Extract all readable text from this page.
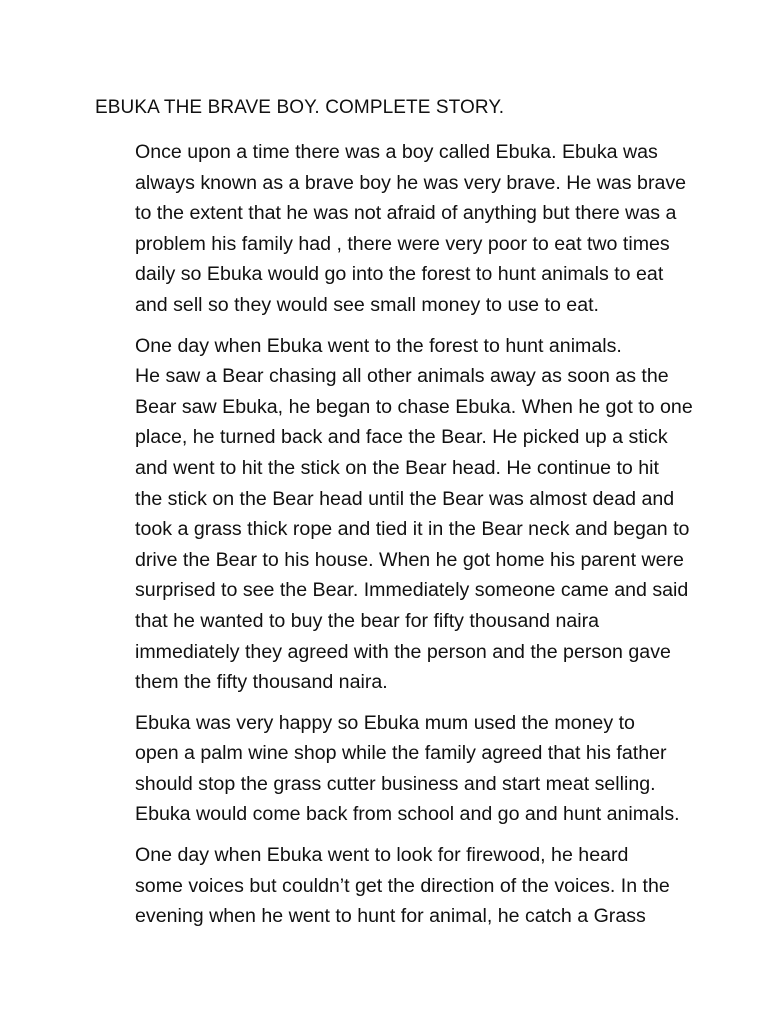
EBUKA THE BRAVE BOY. COMPLETE STORY.

Once upon a time there was a boy called Ebuka. Ebuka was
always known as a brave boy he was very brave. He was brave
to the extent that he was not afraid of anything but there was a
problem his family had , there were very poor to eat two times
daily so Ebuka would go into the forest to hunt animals to eat
and sell so they would see small money to use to eat.

One day when Ebuka went to the forest to hunt animals.
He saw a Bear chasing all other animals away as soon as the
Bear saw Ebuka, he began to chase Ebuka. When he got to one
place, he turned back and face the Bear. He picked up a stick
and went to hit the stick on the Bear head. He continue to hit
the stick on the Bear head until the Bear was almost dead and
took a grass thick rope and tied it in the Bear neck and began to
drive the Bear to his house. When he got home his parent were
surprised to see the Bear. Immediately someone came and said
that he wanted to buy the bear for fifty thousand naira
immediately they agreed with the person and the person gave
them the fifty thousand naira.

Ebuka was very happy so Ebuka mum used the money to
open a palm wine shop while the family agreed that his father
should stop the grass cutter business and start meat selling.
Ebuka would come back from school and go and hunt animals.

One day when Ebuka went to look for firewood, he heard
some voices but couldn’t get the direction of the voices. In the
evening when he went to hunt for animal, he catch a Grass
